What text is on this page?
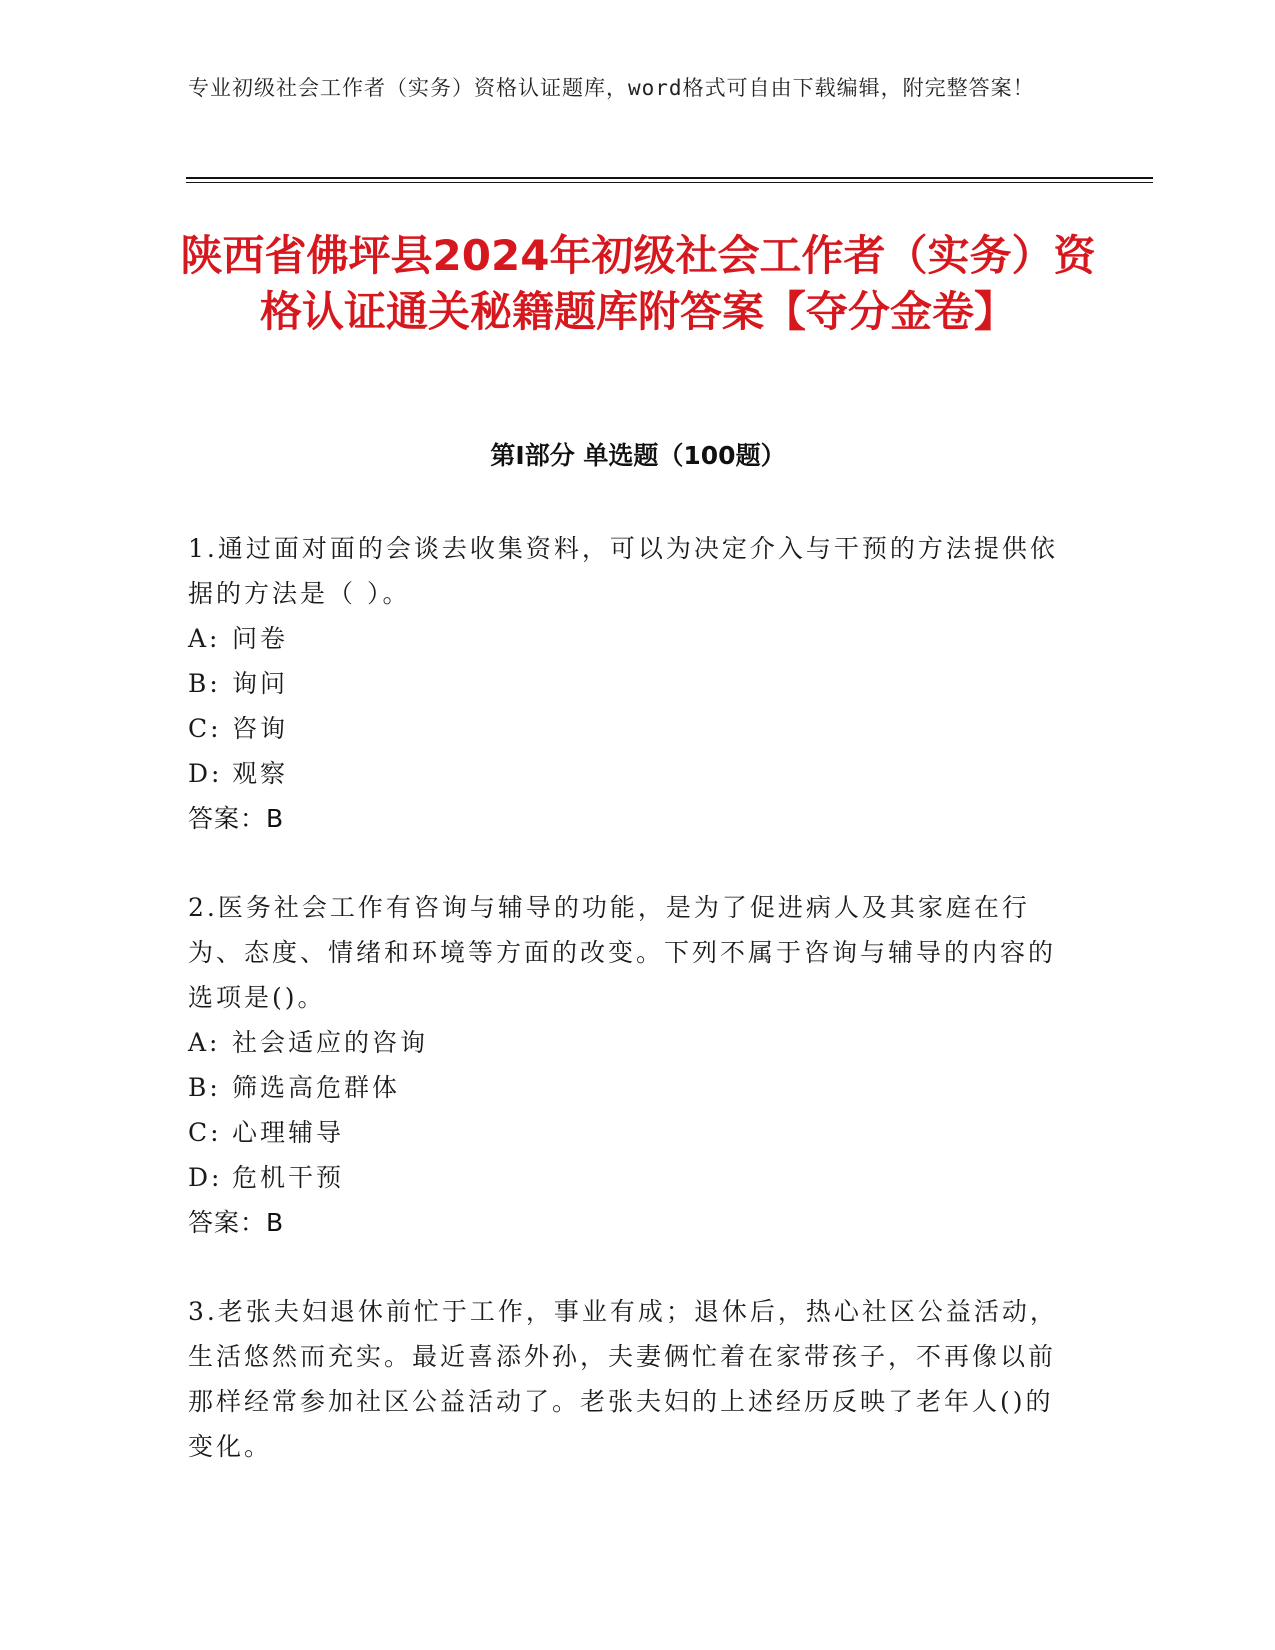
专业初级社会工作者（实务）资格认证题库，word格式可自由下载编辑，附完整答案！
陕西省佛坪县2024年初级社会工作者（实务）资格认证通关秘籍题库附答案【夺分金卷】
第Ⅰ部分 单选题（100题）
1.通过面对面的会谈去收集资料，可以为决定介入与干预的方法提供依据的方法是（ ）。
A: 问卷
B: 询问
C: 咨询
D: 观察
答案：B
2.医务社会工作有咨询与辅导的功能，是为了促进病人及其家庭在行为、态度、情绪和环境等方面的改变。下列不属于咨询与辅导的内容的选项是()。
A: 社会适应的咨询
B: 筛选高危群体
C: 心理辅导
D: 危机干预
答案：B
3.老张夫妇退休前忙于工作，事业有成；退休后，热心社区公益活动，生活悠然而充实。最近喜添外孙，夫妻俩忙着在家带孩子，不再像以前那样经常参加社区公益活动了。老张夫妇的上述经历反映了老年人()的变化。
